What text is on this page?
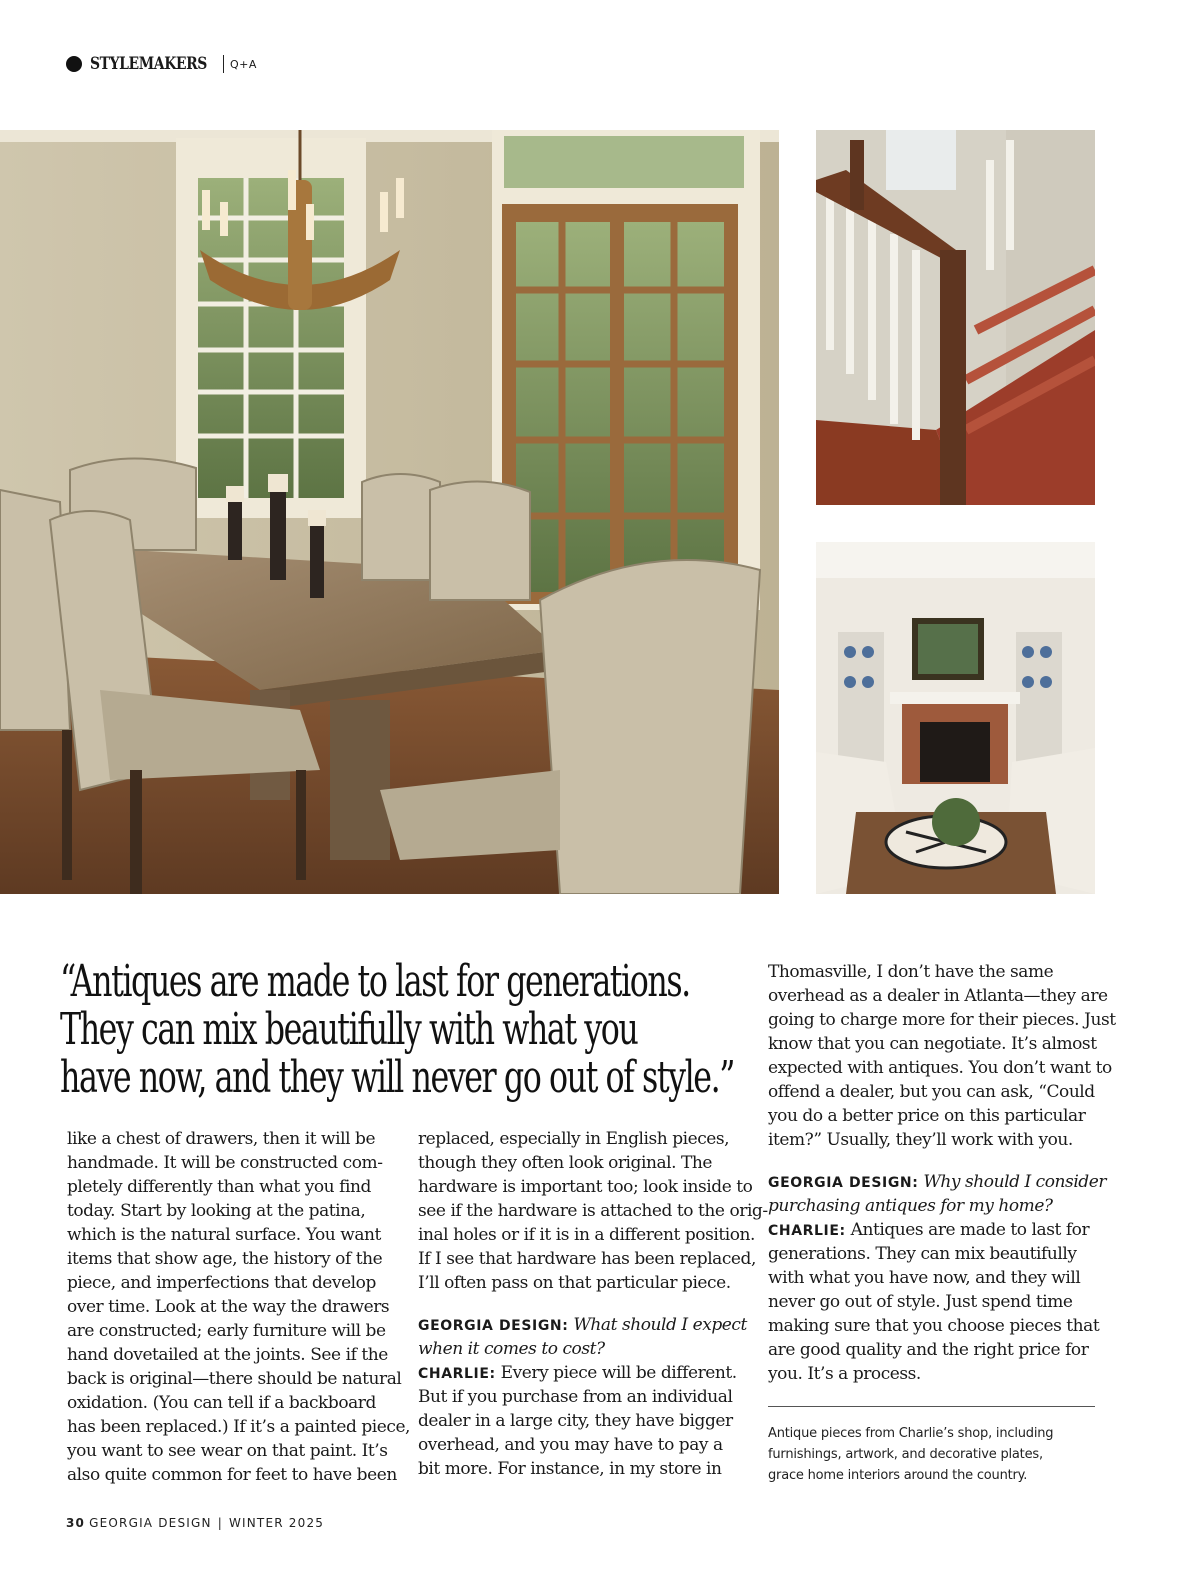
STYLEMAKERS Q+A
“Antiques are made to last for generations.
They can mix beautifully with what you
have now, and they will never go out of style.”
like a chest of drawers, then it will be
handmade. It will be constructed com-
pletely differently than what you find
today. Start by looking at the patina,
which is the natural surface. You want
items that show age, the history of the
piece, and imperfections that develop
over time. Look at the way the drawers
are constructed; early furniture will be
hand dovetailed at the joints. See if the
back is original—there should be natural
oxidation. (You can tell if a backboard
has been replaced.) If it’s a painted piece,
you want to see wear on that paint. It’s
also quite common for feet to have been
replaced, especially in English pieces,
though they often look original. The
hardware is important too; look inside to
see if the hardware is attached to the orig-
inal holes or if it is in a different position.
If I see that hardware has been replaced,
I’ll often pass on that particular piece.
GEORGIA DESIGN: What should I expect
when it comes to cost?
CHARLIE: Every piece will be different.
But if you purchase from an individual
dealer in a large city, they have bigger
overhead, and you may have to pay a
bit more. For instance, in my store in
Thomasville, I don’t have the same
overhead as a dealer in Atlanta—they are
going to charge more for their pieces. Just
know that you can negotiate. It’s almost
expected with antiques. You don’t want to
offend a dealer, but you can ask, “Could
you do a better price on this particular
item?” Usually, they’ll work with you.
GEORGIA DESIGN: Why should I consider
purchasing antiques for my home?
CHARLIE: Antiques are made to last for
generations. They can mix beautifully
with what you have now, and they will
never go out of style. Just spend time
making sure that you choose pieces that
are good quality and the right price for
you. It’s a process.
Antique pieces from Charlie’s shop, including
furnishings, artwork, and decorative plates,
grace home interiors around the country.
30 GEORGIA DESIGN | WINTER 2025
